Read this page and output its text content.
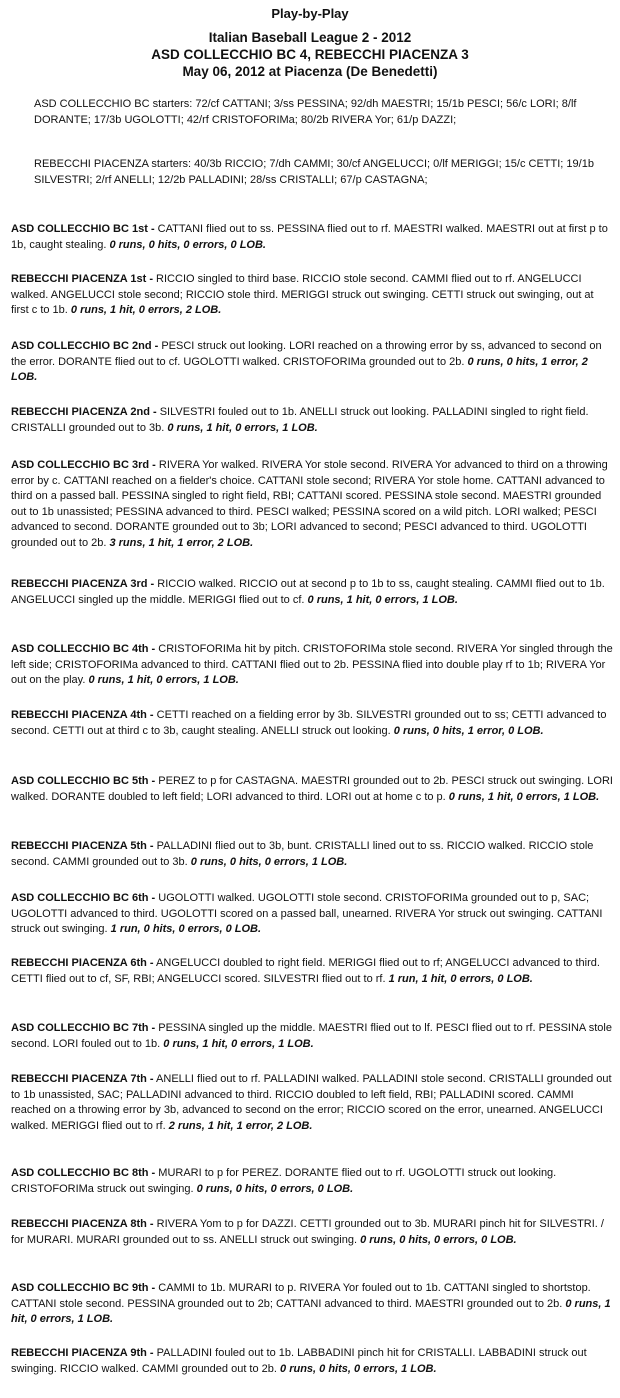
Play-by-Play
Italian Baseball League 2 - 2012
ASD COLLECCHIO BC 4, REBECCHI PIACENZA 3
May 06, 2012 at Piacenza (De Benedetti)

ASD COLLECCHIO BC starters: 72/cf CATTANI; 3/ss PESSINA; 92/dh MAESTRI; 15/1b PESCI; 56/c LORI; 8/lf DORANTE; 17/3b UGOLOTTI; 42/rf CRISTOFORIMa; 80/2b RIVERA Yor; 61/p DAZZI;

REBECCHI PIACENZA starters: 40/3b RICCIO; 7/dh CAMMI; 30/cf ANGELUCCI; 0/lf MERIGGI; 15/c CETTI; 19/1b SILVESTRI; 2/rf ANELLI; 12/2b PALLADINI; 28/ss CRISTALLI; 67/p CASTAGNA;

ASD COLLECCHIO BC 1st - CATTANI flied out to ss. PESSINA flied out to rf. MAESTRI walked. MAESTRI out at first p to 1b, caught stealing. 0 runs, 0 hits, 0 errors, 0 LOB.

REBECCHI PIACENZA 1st - RICCIO singled to third base. RICCIO stole second. CAMMI flied out to rf. ANGELUCCI walked. ANGELUCCI stole second; RICCIO stole third. MERIGGI struck out swinging. CETTI struck out swinging, out at first c to 1b. 0 runs, 1 hit, 0 errors, 2 LOB.

ASD COLLECCHIO BC 2nd - PESCI struck out looking. LORI reached on a throwing error by ss, advanced to second on the error. DORANTE flied out to cf. UGOLOTTI walked. CRISTOFORIMa grounded out to 2b. 0 runs, 0 hits, 1 error, 2 LOB.

REBECCHI PIACENZA 2nd - SILVESTRI fouled out to 1b. ANELLI struck out looking. PALLADINI singled to right field. CRISTALLI grounded out to 3b. 0 runs, 1 hit, 0 errors, 1 LOB.

ASD COLLECCHIO BC 3rd - RIVERA Yor walked. RIVERA Yor stole second. RIVERA Yor advanced to third on a throwing error by c. CATTANI reached on a fielder's choice. CATTANI stole second; RIVERA Yor stole home. CATTANI advanced to third on a passed ball. PESSINA singled to right field, RBI; CATTANI scored. PESSINA stole second. MAESTRI grounded out to 1b unassisted; PESSINA advanced to third. PESCI walked; PESSINA scored on a wild pitch. LORI walked; PESCI advanced to second. DORANTE grounded out to 3b; LORI advanced to second; PESCI advanced to third. UGOLOTTI grounded out to 2b. 3 runs, 1 hit, 1 error, 2 LOB.

REBECCHI PIACENZA 3rd - RICCIO walked. RICCIO out at second p to 1b to ss, caught stealing. CAMMI flied out to 1b. ANGELUCCI singled up the middle. MERIGGI flied out to cf. 0 runs, 1 hit, 0 errors, 1 LOB.

ASD COLLECCHIO BC 4th - CRISTOFORIMa hit by pitch. CRISTOFORIMa stole second. RIVERA Yor singled through the left side; CRISTOFORIMa advanced to third. CATTANI flied out to 2b. PESSINA flied into double play rf to 1b; RIVERA Yor out on the play. 0 runs, 1 hit, 0 errors, 1 LOB.

REBECCHI PIACENZA 4th - CETTI reached on a fielding error by 3b. SILVESTRI grounded out to ss; CETTI advanced to second. CETTI out at third c to 3b, caught stealing. ANELLI struck out looking. 0 runs, 0 hits, 1 error, 0 LOB.

ASD COLLECCHIO BC 5th - PEREZ to p for CASTAGNA. MAESTRI grounded out to 2b. PESCI struck out swinging. LORI walked. DORANTE doubled to left field; LORI advanced to third. LORI out at home c to p. 0 runs, 1 hit, 0 errors, 1 LOB.

REBECCHI PIACENZA 5th - PALLADINI flied out to 3b, bunt. CRISTALLI lined out to ss. RICCIO walked. RICCIO stole second. CAMMI grounded out to 3b. 0 runs, 0 hits, 0 errors, 1 LOB.

ASD COLLECCHIO BC 6th - UGOLOTTI walked. UGOLOTTI stole second. CRISTOFORIMa grounded out to p, SAC; UGOLOTTI advanced to third. UGOLOTTI scored on a passed ball, unearned. RIVERA Yor struck out swinging. CATTANI struck out swinging. 1 run, 0 hits, 0 errors, 0 LOB.

REBECCHI PIACENZA 6th - ANGELUCCI doubled to right field. MERIGGI flied out to rf; ANGELUCCI advanced to third. CETTI flied out to cf, SF, RBI; ANGELUCCI scored. SILVESTRI flied out to rf. 1 run, 1 hit, 0 errors, 0 LOB.

ASD COLLECCHIO BC 7th - PESSINA singled up the middle. MAESTRI flied out to lf. PESCI flied out to rf. PESSINA stole second. LORI fouled out to 1b. 0 runs, 1 hit, 0 errors, 1 LOB.

REBECCHI PIACENZA 7th - ANELLI flied out to rf. PALLADINI walked. PALLADINI stole second. CRISTALLI grounded out to 1b unassisted, SAC; PALLADINI advanced to third. RICCIO doubled to left field, RBI; PALLADINI scored. CAMMI reached on a throwing error by 3b, advanced to second on the error; RICCIO scored on the error, unearned. ANGELUCCI walked. MERIGGI flied out to rf. 2 runs, 1 hit, 1 error, 2 LOB.

ASD COLLECCHIO BC 8th - MURARI to p for PEREZ. DORANTE flied out to rf. UGOLOTTI struck out looking. CRISTOFORIMa struck out swinging. 0 runs, 0 hits, 0 errors, 0 LOB.

REBECCHI PIACENZA 8th - RIVERA Yom to p for DAZZI. CETTI grounded out to 3b. MURARI pinch hit for SILVESTRI. / for MURARI. MURARI grounded out to ss. ANELLI struck out swinging. 0 runs, 0 hits, 0 errors, 0 LOB.

ASD COLLECCHIO BC 9th - CAMMI to 1b. MURARI to p. RIVERA Yor fouled out to 1b. CATTANI singled to shortstop. CATTANI stole second. PESSINA grounded out to 2b; CATTANI advanced to third. MAESTRI grounded out to 2b. 0 runs, 1 hit, 0 errors, 1 LOB.

REBECCHI PIACENZA 9th - PALLADINI fouled out to 1b. LABBADINI pinch hit for CRISTALLI. LABBADINI struck out swinging. RICCIO walked. CAMMI grounded out to 2b. 0 runs, 0 hits, 0 errors, 1 LOB.
